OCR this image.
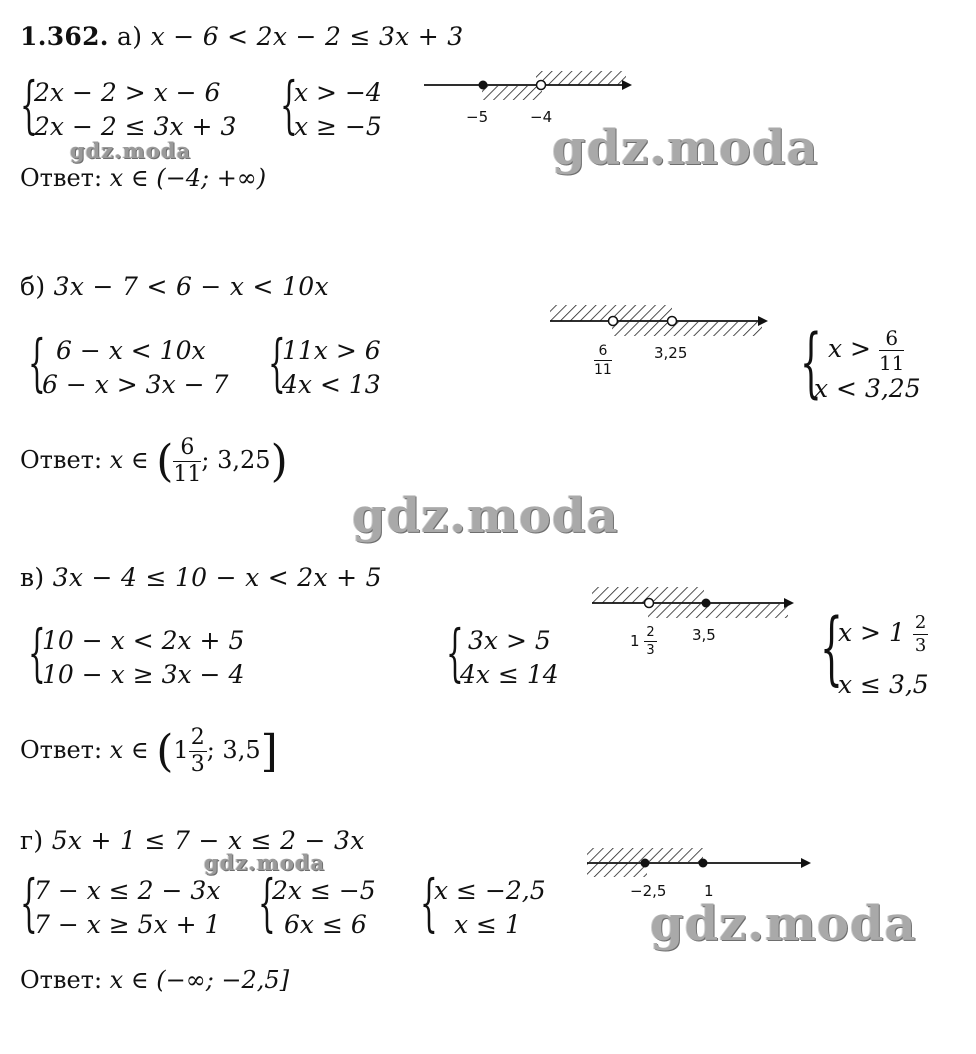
1.362. а) x − 6 < 2x − 2 ≤ 3x + 3
{
2x − 2 > x − 6
2x − 2 ≤ 3x + 3 {
x > −4
x ≥ −5	−5	−4
gdz.moda	gdz.moda
Ответ: x ∈ (−4; +∞)
б) 3x − 7 < 6 − x < 10x
{ 6 − x < 10x
6 − x > 3x − 7 {
11x > 6
4x < 13
$\frac{6}{11}$	3,25 { $x > \frac{6}{11}$
x < 3,25
Ответ: x ∈ ( $\frac{6}{11}$ ; 3,25)
gdz.moda
в) 3x − 4 ≤ 10 − x < 2x + 5
{
10 − x < 2x + 5
10 − x ≥ 3x − 4	{ 3x > 5
4x ≤ 14
$1 \frac{2}{3} 3,5$ {
$x > 1 \frac{2}{3}$
x ≤ 3,5
Ответ: x ∈ ($1 \frac{2}{3}$ ; 3,5]
г) 5x + 1 ≤ 7 − x ≤ 2 − 3x
gdz.moda
{
7 − x ≤ 2 − 3x
7 − x ≥ 5x + 1 {
2x ≤ −5
6x ≤ 6 {
x ≤ −2,5
x ≤ 1
−2,5	1
gdz.moda
Ответ: x ∈ (−∞; −2,5]
